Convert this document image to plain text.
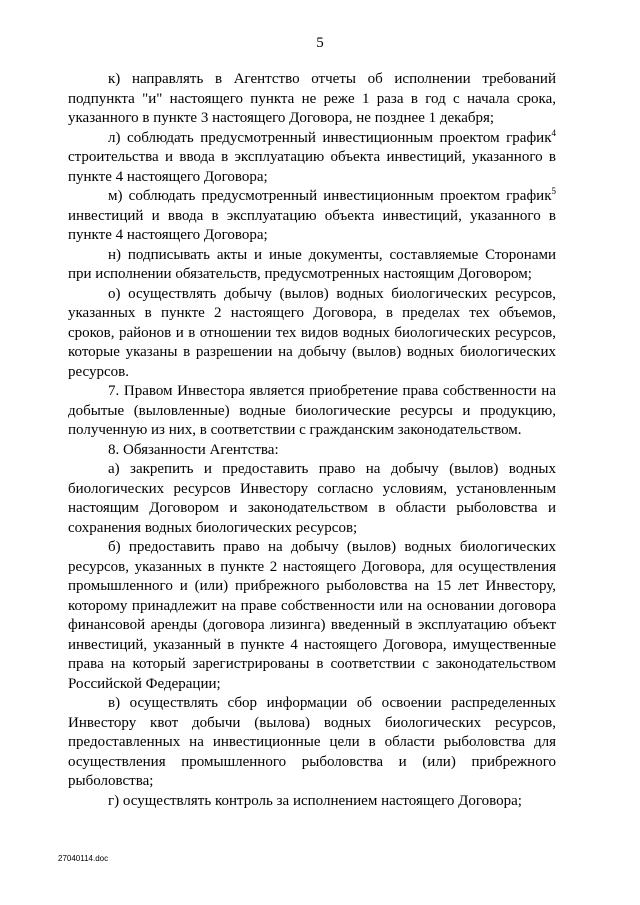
5

к) направлять в Агентство отчеты об исполнении требований подпункта "и" настоящего пункта не реже 1 раза в год с начала срока, указанного в пункте 3 настоящего Договора, не позднее 1 декабря;

л) соблюдать предусмотренный инвестиционным проектом график$^4$ строительства и ввода в эксплуатацию объекта инвестиций, указанного в пункте 4 настоящего Договора;

м) соблюдать предусмотренный инвестиционным проектом график$^5$ инвестиций и ввода в эксплуатацию объекта инвестиций, указанного в пункте 4 настоящего Договора;

н) подписывать акты и иные документы, составляемые Сторонами при исполнении обязательств, предусмотренных настоящим Договором;

о) осуществлять добычу (вылов) водных биологических ресурсов, указанных в пункте 2 настоящего Договора, в пределах тех объемов, сроков, районов и в отношении тех видов водных биологических ресурсов, которые указаны в разрешении на добычу (вылов) водных биологических ресурсов.

7. Правом Инвестора является приобретение права собственности на добытые (выловленные) водные биологические ресурсы и продукцию, полученную из них, в соответствии с гражданским законодательством.

8. Обязанности Агентства:

а) закрепить и предоставить право на добычу (вылов) водных биологических ресурсов Инвестору согласно условиям, установленным настоящим Договором и законодательством в области рыболовства и сохранения водных биологических ресурсов;

б) предоставить право на добычу (вылов) водных биологических ресурсов, указанных в пункте 2 настоящего Договора, для осуществления промышленного и (или) прибрежного рыболовства на 15 лет Инвестору, которому принадлежит на праве собственности или на основании договора финансовой аренды (договора лизинга) введенный в эксплуатацию объект инвестиций, указанный в пункте 4 настоящего Договора, имущественные права на который зарегистрированы в соответствии с законодательством Российской Федерации;

в) осуществлять сбор информации об освоении распределенных Инвестору квот добычи (вылова) водных биологических ресурсов, предоставленных на инвестиционные цели в области рыболовства для осуществления промышленного рыболовства и (или) прибрежного рыболовства;

г) осуществлять контроль за исполнением настоящего Договора;

27040114.doc
